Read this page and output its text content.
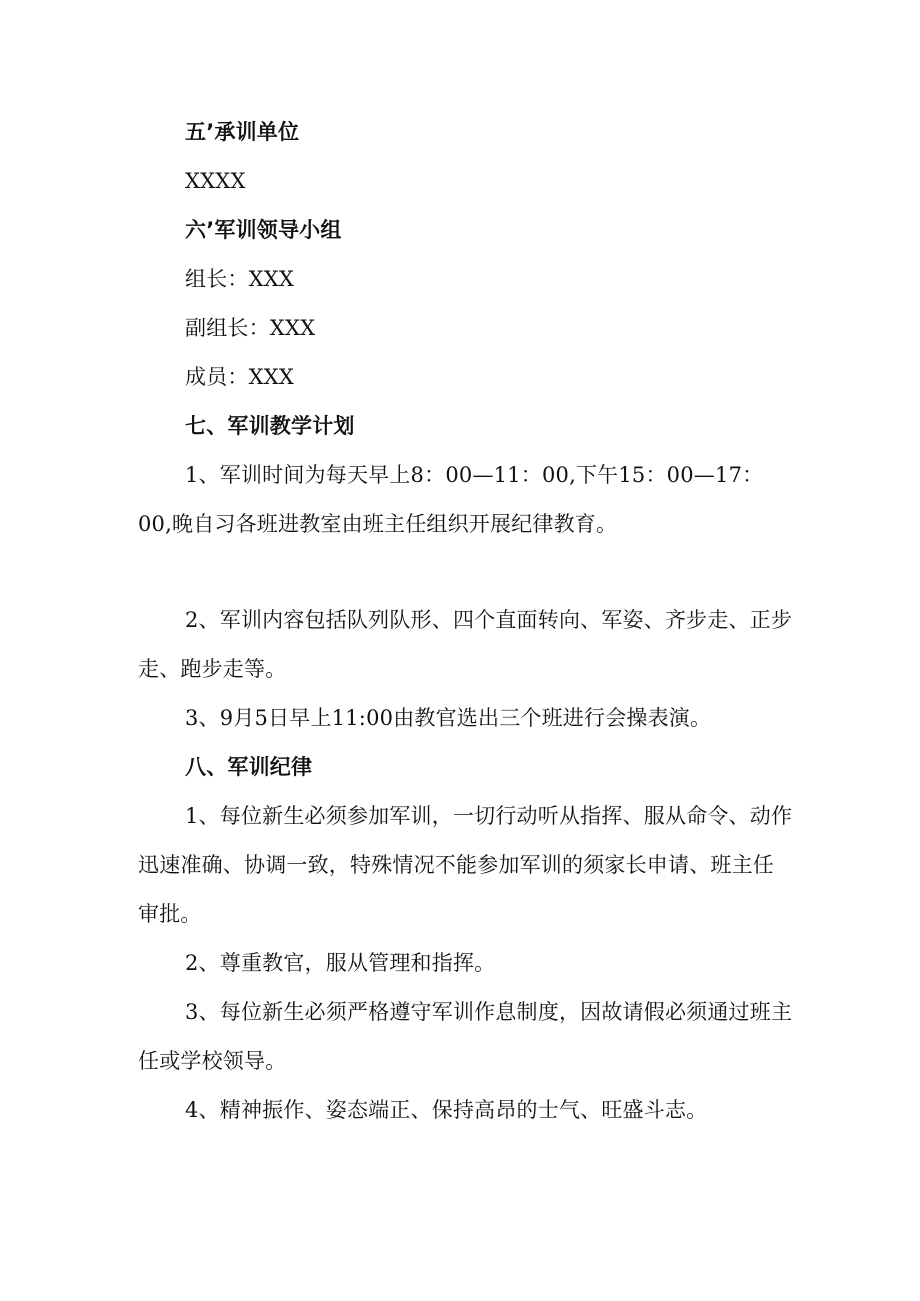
五’承训单位
XXXX
六’军训领导小组
组长：XXX
副组长：XXX
成员：XXX
七、军训教学计划
1、军训时间为每天早上8：00—11：00,下午15：00—17：
00,晚自习各班进教室由班主任组织开展纪律教育。
2、军训内容包括队列队形、四个直面转向、军姿、齐步走、正步
走、跑步走等。
3、9月5日早上11:00由教官选出三个班进行会操表演。
八、军训纪律
1、每位新生必须参加军训，一切行动听从指挥、服从命令、动作
迅速准确、协调一致，特殊情况不能参加军训的须家长申请、班主任
审批。
2、尊重教官，服从管理和指挥。
3、每位新生必须严格遵守军训作息制度，因故请假必须通过班主
任或学校领导。
4、精神振作、姿态端正、保持高昂的士气、旺盛斗志。
